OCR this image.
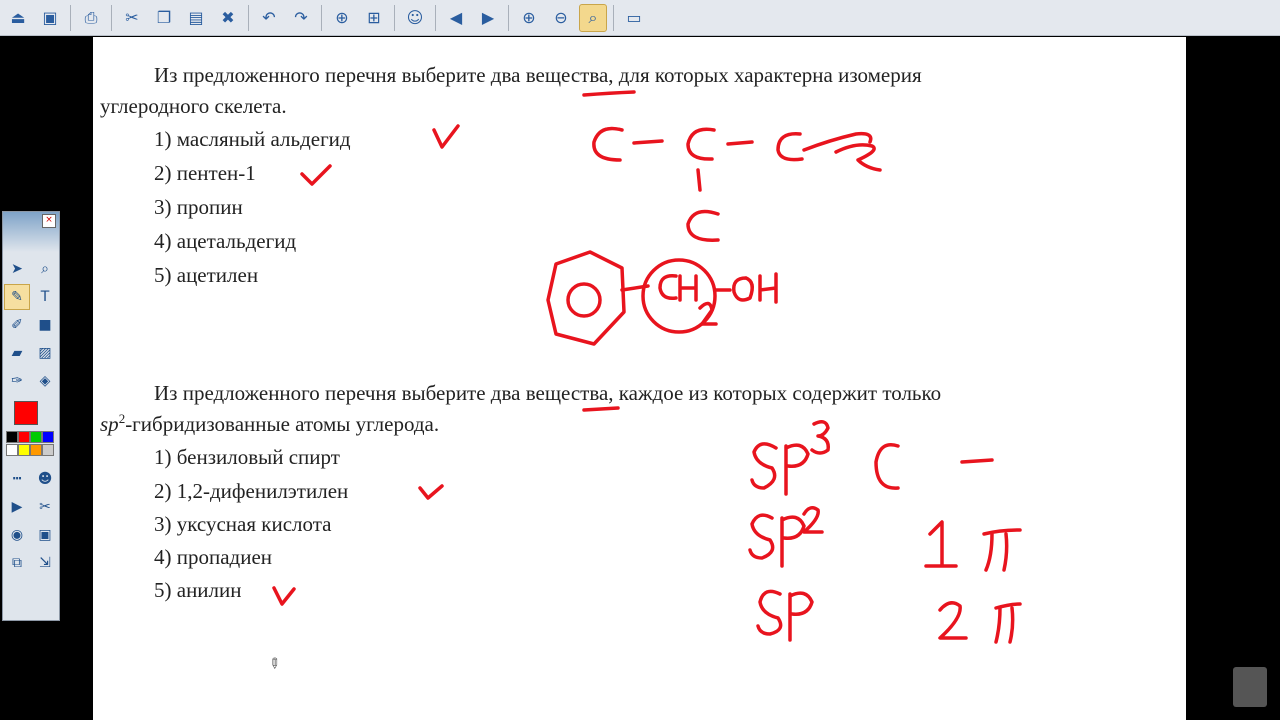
⏏	▣	⎙	✂	❐	▤	✖	↶	↷	⊕	⊞	☺	◀	▶	⊕	⊖	⌕	▭
Из предложенного перечня выберите два вещества, для которых характерна изомерия
углеродного скелета.
1) масляный альдегид
2) пентен-1
3) пропин
4) ацетальдегид
5) ацетилен
Из предложенного перечня выберите два вещества, каждое из которых содержит только
$sp^2$-гибридизованные атомы углерода.
1) бензиловый спирт
2) 1,2-дифенилэтилен
3) уксусная кислота
4) пропадиен
5) анилин
×
➤	⌕
✎	T
✐	■
▰	▨
✑	◈
┅	☻
▶	✂
◉	▣
⧉	⇲
✎
